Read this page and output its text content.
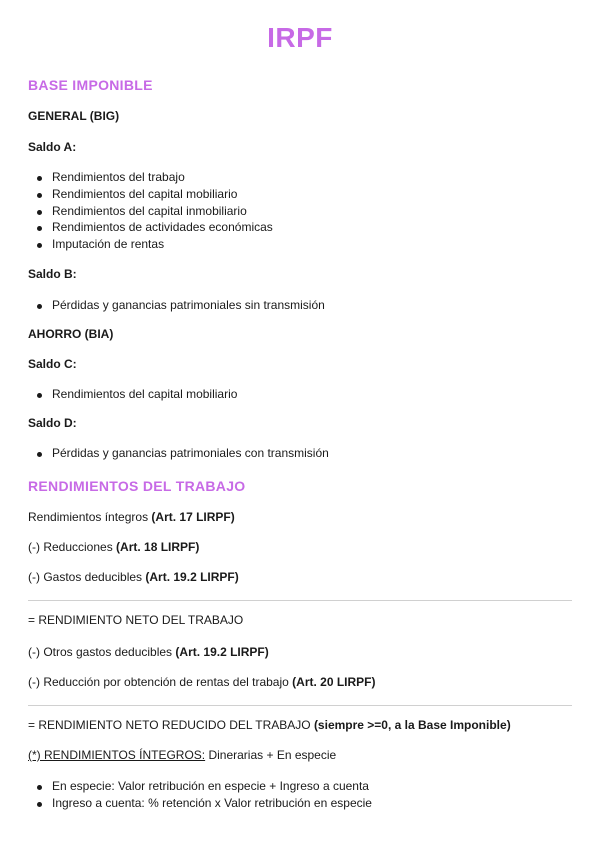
IRPF
BASE IMPONIBLE
GENERAL (BIG)
Saldo A:
Rendimientos del trabajo
Rendimientos del capital mobiliario
Rendimientos del capital inmobiliario
Rendimientos de actividades económicas
Imputación de rentas
Saldo B:
Pérdidas y ganancias patrimoniales sin transmisión
AHORRO (BIA)
Saldo C:
Rendimientos del capital mobiliario
Saldo D:
Pérdidas y ganancias patrimoniales con transmisión
RENDIMIENTOS DEL TRABAJO
Rendimientos íntegros (Art. 17 LIRPF)
(-) Reducciones (Art. 18 LIRPF)
(-) Gastos deducibles (Art. 19.2 LIRPF)
= RENDIMIENTO NETO DEL TRABAJO
(-) Otros gastos deducibles (Art. 19.2 LIRPF)
(-) Reducción por obtención de rentas del trabajo (Art. 20 LIRPF)
= RENDIMIENTO NETO REDUCIDO DEL TRABAJO (siempre >=0, a la Base Imponible)
(*) RENDIMIENTOS ÍNTEGROS: Dinerarias + En especie
En especie: Valor retribución en especie + Ingreso a cuenta
Ingreso a cuenta: % retención x Valor retribución en especie
